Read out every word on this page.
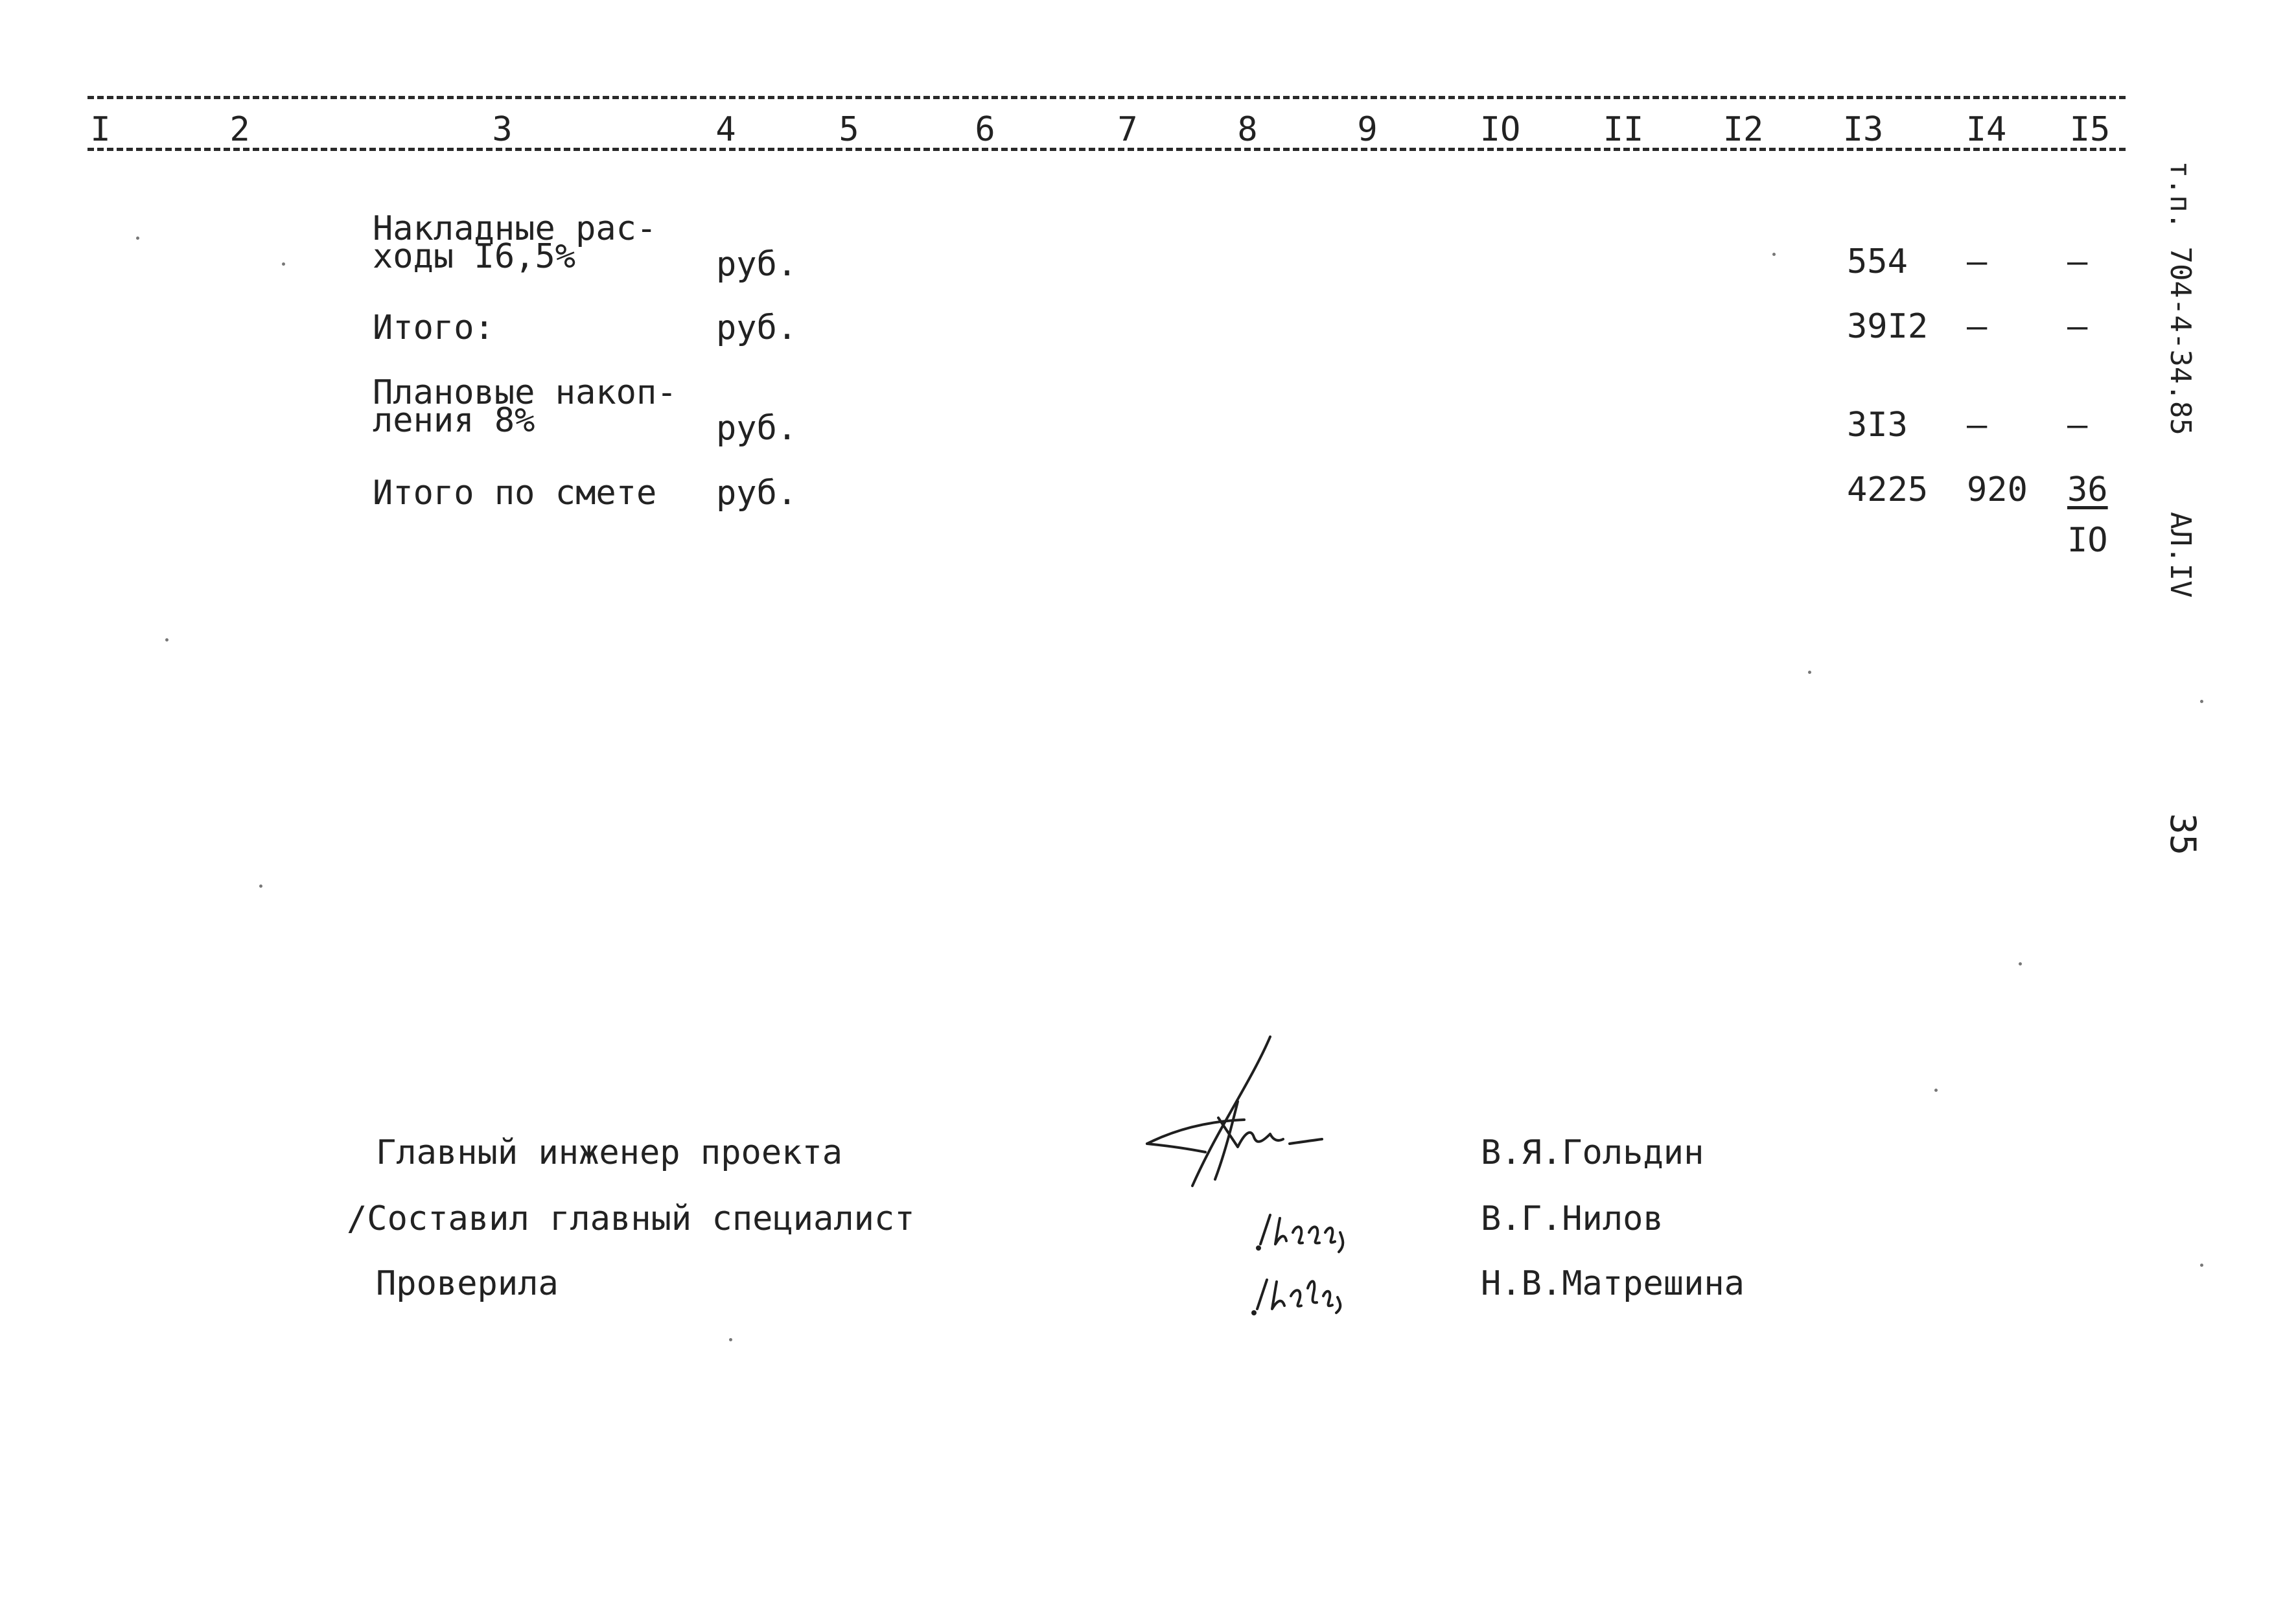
I	2	3	4	5	6	7	8	9	IO II I2 I3 I4 I5
Накладные рас-
ходы I6,5%	руб.	554 – –
Итого:	руб.	39I2 – –
Плановые накоп-
ления 8%	руб.	3I3 – –
Итого по смете руб.	4225 920 36
IO
т.п. 704-4-34.85
АЛ.IV
35
Главный инженер проекта	В.Я.Гольдин
/Составил главный специалист	В.Г.Нилов
Проверила	Н.В.Матрешина
